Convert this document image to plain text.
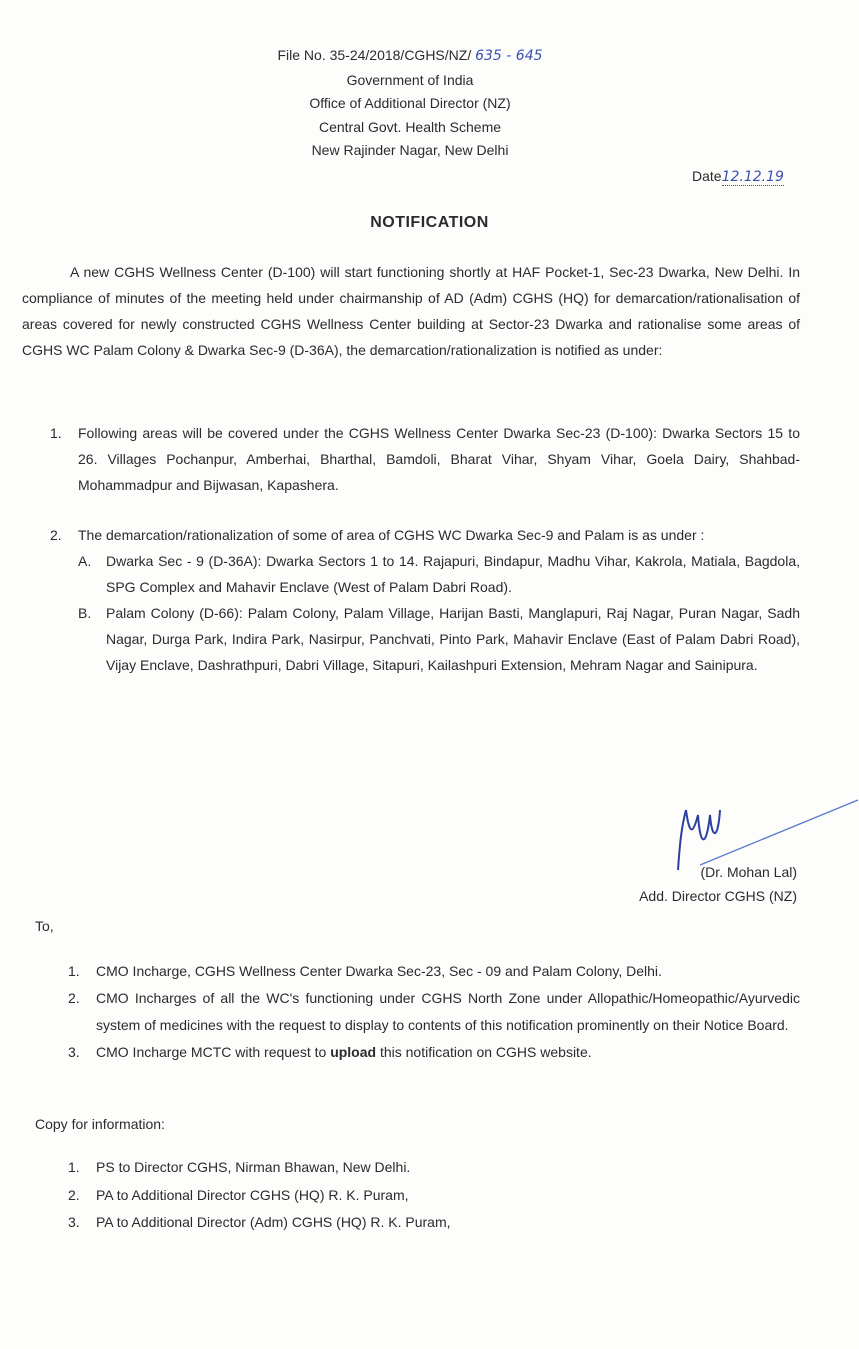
File No. 35-24/2018/CGHS/NZ/ 635 - 645
Government of India
Office of Additional Director (NZ)
Central Govt. Health Scheme
New Rajinder Nagar, New Delhi
Date12.12.19
NOTIFICATION
A new CGHS Wellness Center (D-100) will start functioning shortly at HAF Pocket-1, Sec-23 Dwarka, New Delhi. In compliance of minutes of the meeting held under chairmanship of AD (Adm) CGHS (HQ) for demarcation/rationalisation of areas covered for newly constructed CGHS Wellness Center building at Sector-23 Dwarka and rationalise some areas of CGHS WC Palam Colony & Dwarka Sec-9 (D-36A), the demarcation/rationalization is notified as under:
1. Following areas will be covered under the CGHS Wellness Center Dwarka Sec-23 (D-100): Dwarka Sectors 15 to 26. Villages Pochanpur, Amberhai, Bharthal, Bamdoli, Bharat Vihar, Shyam Vihar, Goela Dairy, Shahbad-Mohammadpur and Bijwasan, Kapashera.
2. The demarcation/rationalization of some of area of CGHS WC Dwarka Sec-9 and Palam is as under :
A. Dwarka Sec - 9 (D-36A): Dwarka Sectors 1 to 14. Rajapuri, Bindapur, Madhu Vihar, Kakrola, Matiala, Bagdola, SPG Complex and Mahavir Enclave (West of Palam Dabri Road).
B. Palam Colony (D-66): Palam Colony, Palam Village, Harijan Basti, Manglapuri, Raj Nagar, Puran Nagar, Sadh Nagar, Durga Park, Indira Park, Nasirpur, Panchvati, Pinto Park, Mahavir Enclave (East of Palam Dabri Road), Vijay Enclave, Dashrathpuri, Dabri Village, Sitapuri, Kailashpuri Extension, Mehram Nagar and Sainipura.
(Dr. Mohan Lal)
Add. Director CGHS (NZ)
To,
1. CMO Incharge, CGHS Wellness Center Dwarka Sec-23, Sec - 09 and Palam Colony, Delhi.
2. CMO Incharges of all the WC's functioning under CGHS North Zone under Allopathic/Homeopathic/Ayurvedic system of medicines with the request to display to contents of this notification prominently on their Notice Board.
3. CMO Incharge MCTC with request to upload this notification on CGHS website.
Copy for information:
1. PS to Director CGHS, Nirman Bhawan, New Delhi.
2. PA to Additional Director CGHS (HQ) R. K. Puram,
3. PA to Additional Director (Adm) CGHS (HQ) R. K. Puram,
